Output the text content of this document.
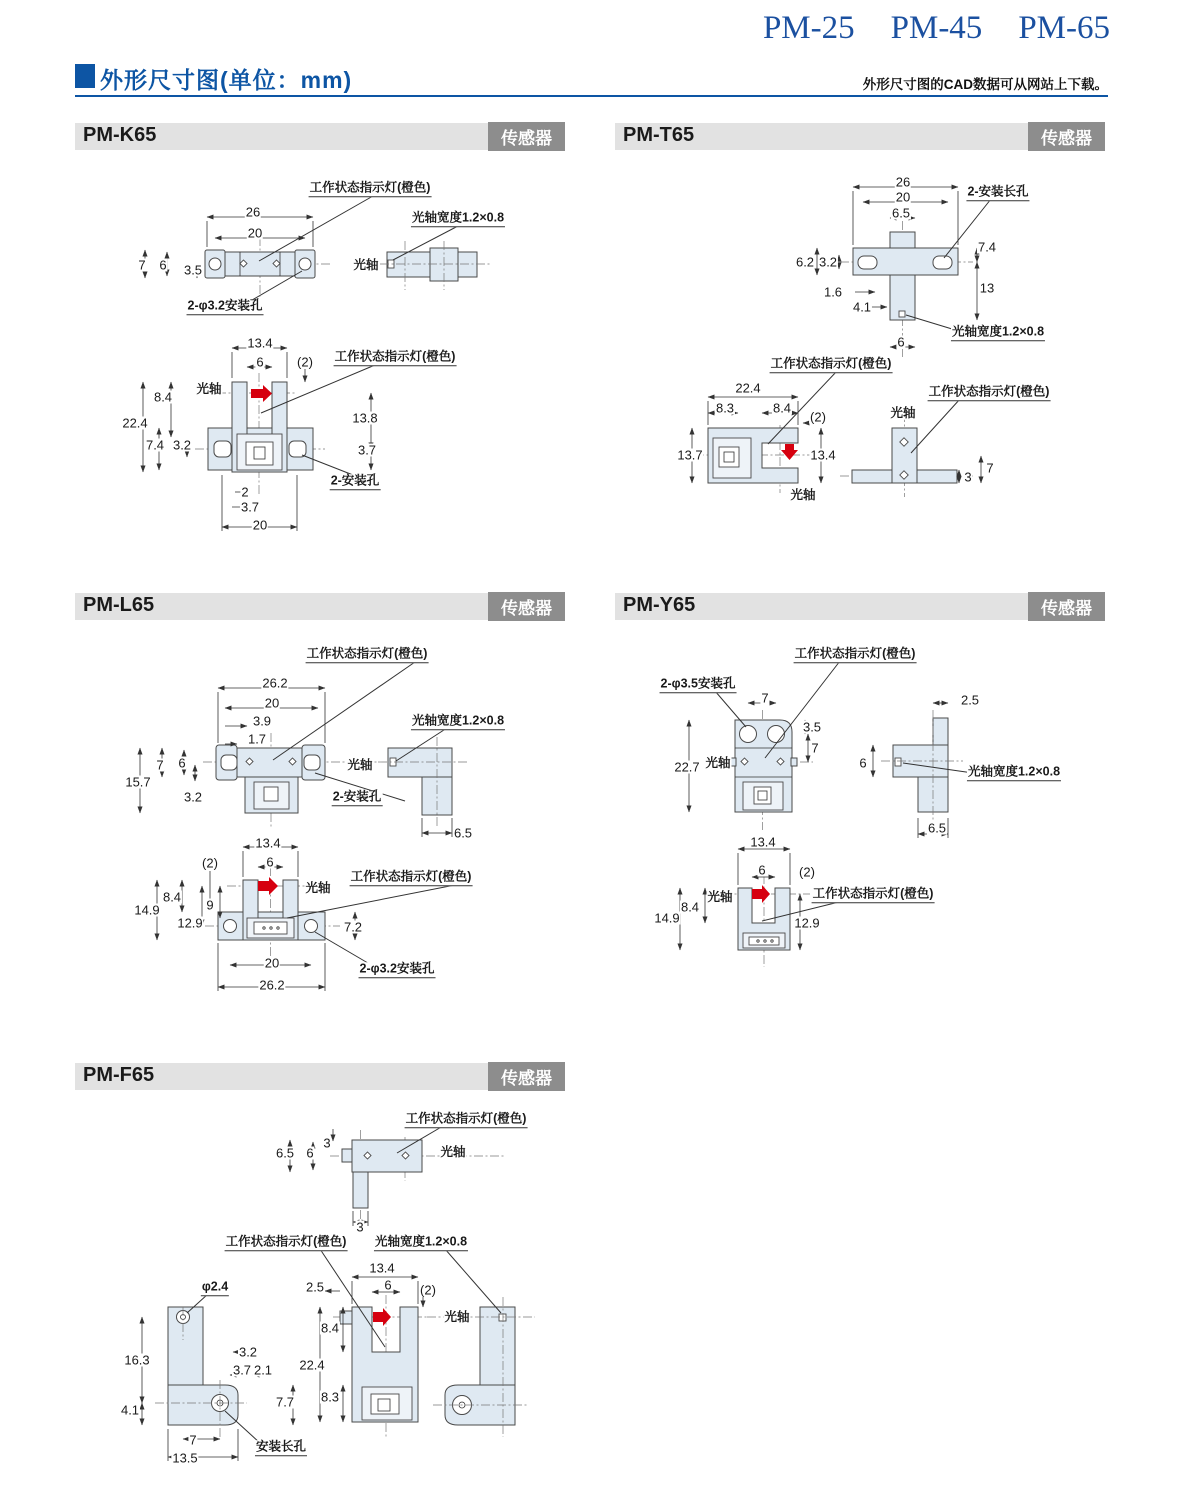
PM-25 PM-45 PM-65
外形尺寸图(单位：mm)	外形尺寸图的CAD数据可从网站上下载。
PM-K65	传感器	PM-T65	传感器
PM-L65	传感器	PM-Y65	传感器
PM-F65	传感器
工作状态指示灯(橙色)
26
20
7 6 3.5	光轴
光轴宽度1.2×0.8
2-φ3.2安装孔
13.4
6	(2) 工作状态指示灯(橙色)
光轴
8.4
22.4	13.8
7.4 3.2	3.7
2-安装孔
2
3.7
20
26
2-安装长孔
20
6.5
7.4
6.2 3.2
13
1.6
4.1
光轴宽度1.2×0.8
6
工作状态指示灯(橙色)
工作状态指示灯(橙色)
22.4
8.3	8.4
(2)	光轴
13.7	13.4
7
3
光轴
工作状态指示灯(橙色)
26.2
20
3.9
1.7
7 6
15.7
3.2
光轴
光轴宽度1.2×0.8
2-安装孔
6.5
13.4
6
(2)
8.4
光轴
工作状态指示灯(橙色)
14.9	9
12.9	7.2
20
26.2
2-φ3.2安装孔
工作状态指示灯(橙色)
2-φ3.5安装孔
7
3.5
7
22.7 光轴
2.5
6
光轴宽度1.2×0.8
6.5
13.4
6	(2)
光轴	工作状态指示灯(橙色)
8.4
14.9	12.9
工作状态指示灯(橙色)
6.5 6
3
光轴
3
工作状态指示灯(橙色) 光轴宽度1.2×0.8
φ2.4	2.5
13.4
6 (2)
光轴
8.4
16.3
3.2
3.7 2.1 22.4
7.7 8.3
4.1
7	安装长孔
13.5
